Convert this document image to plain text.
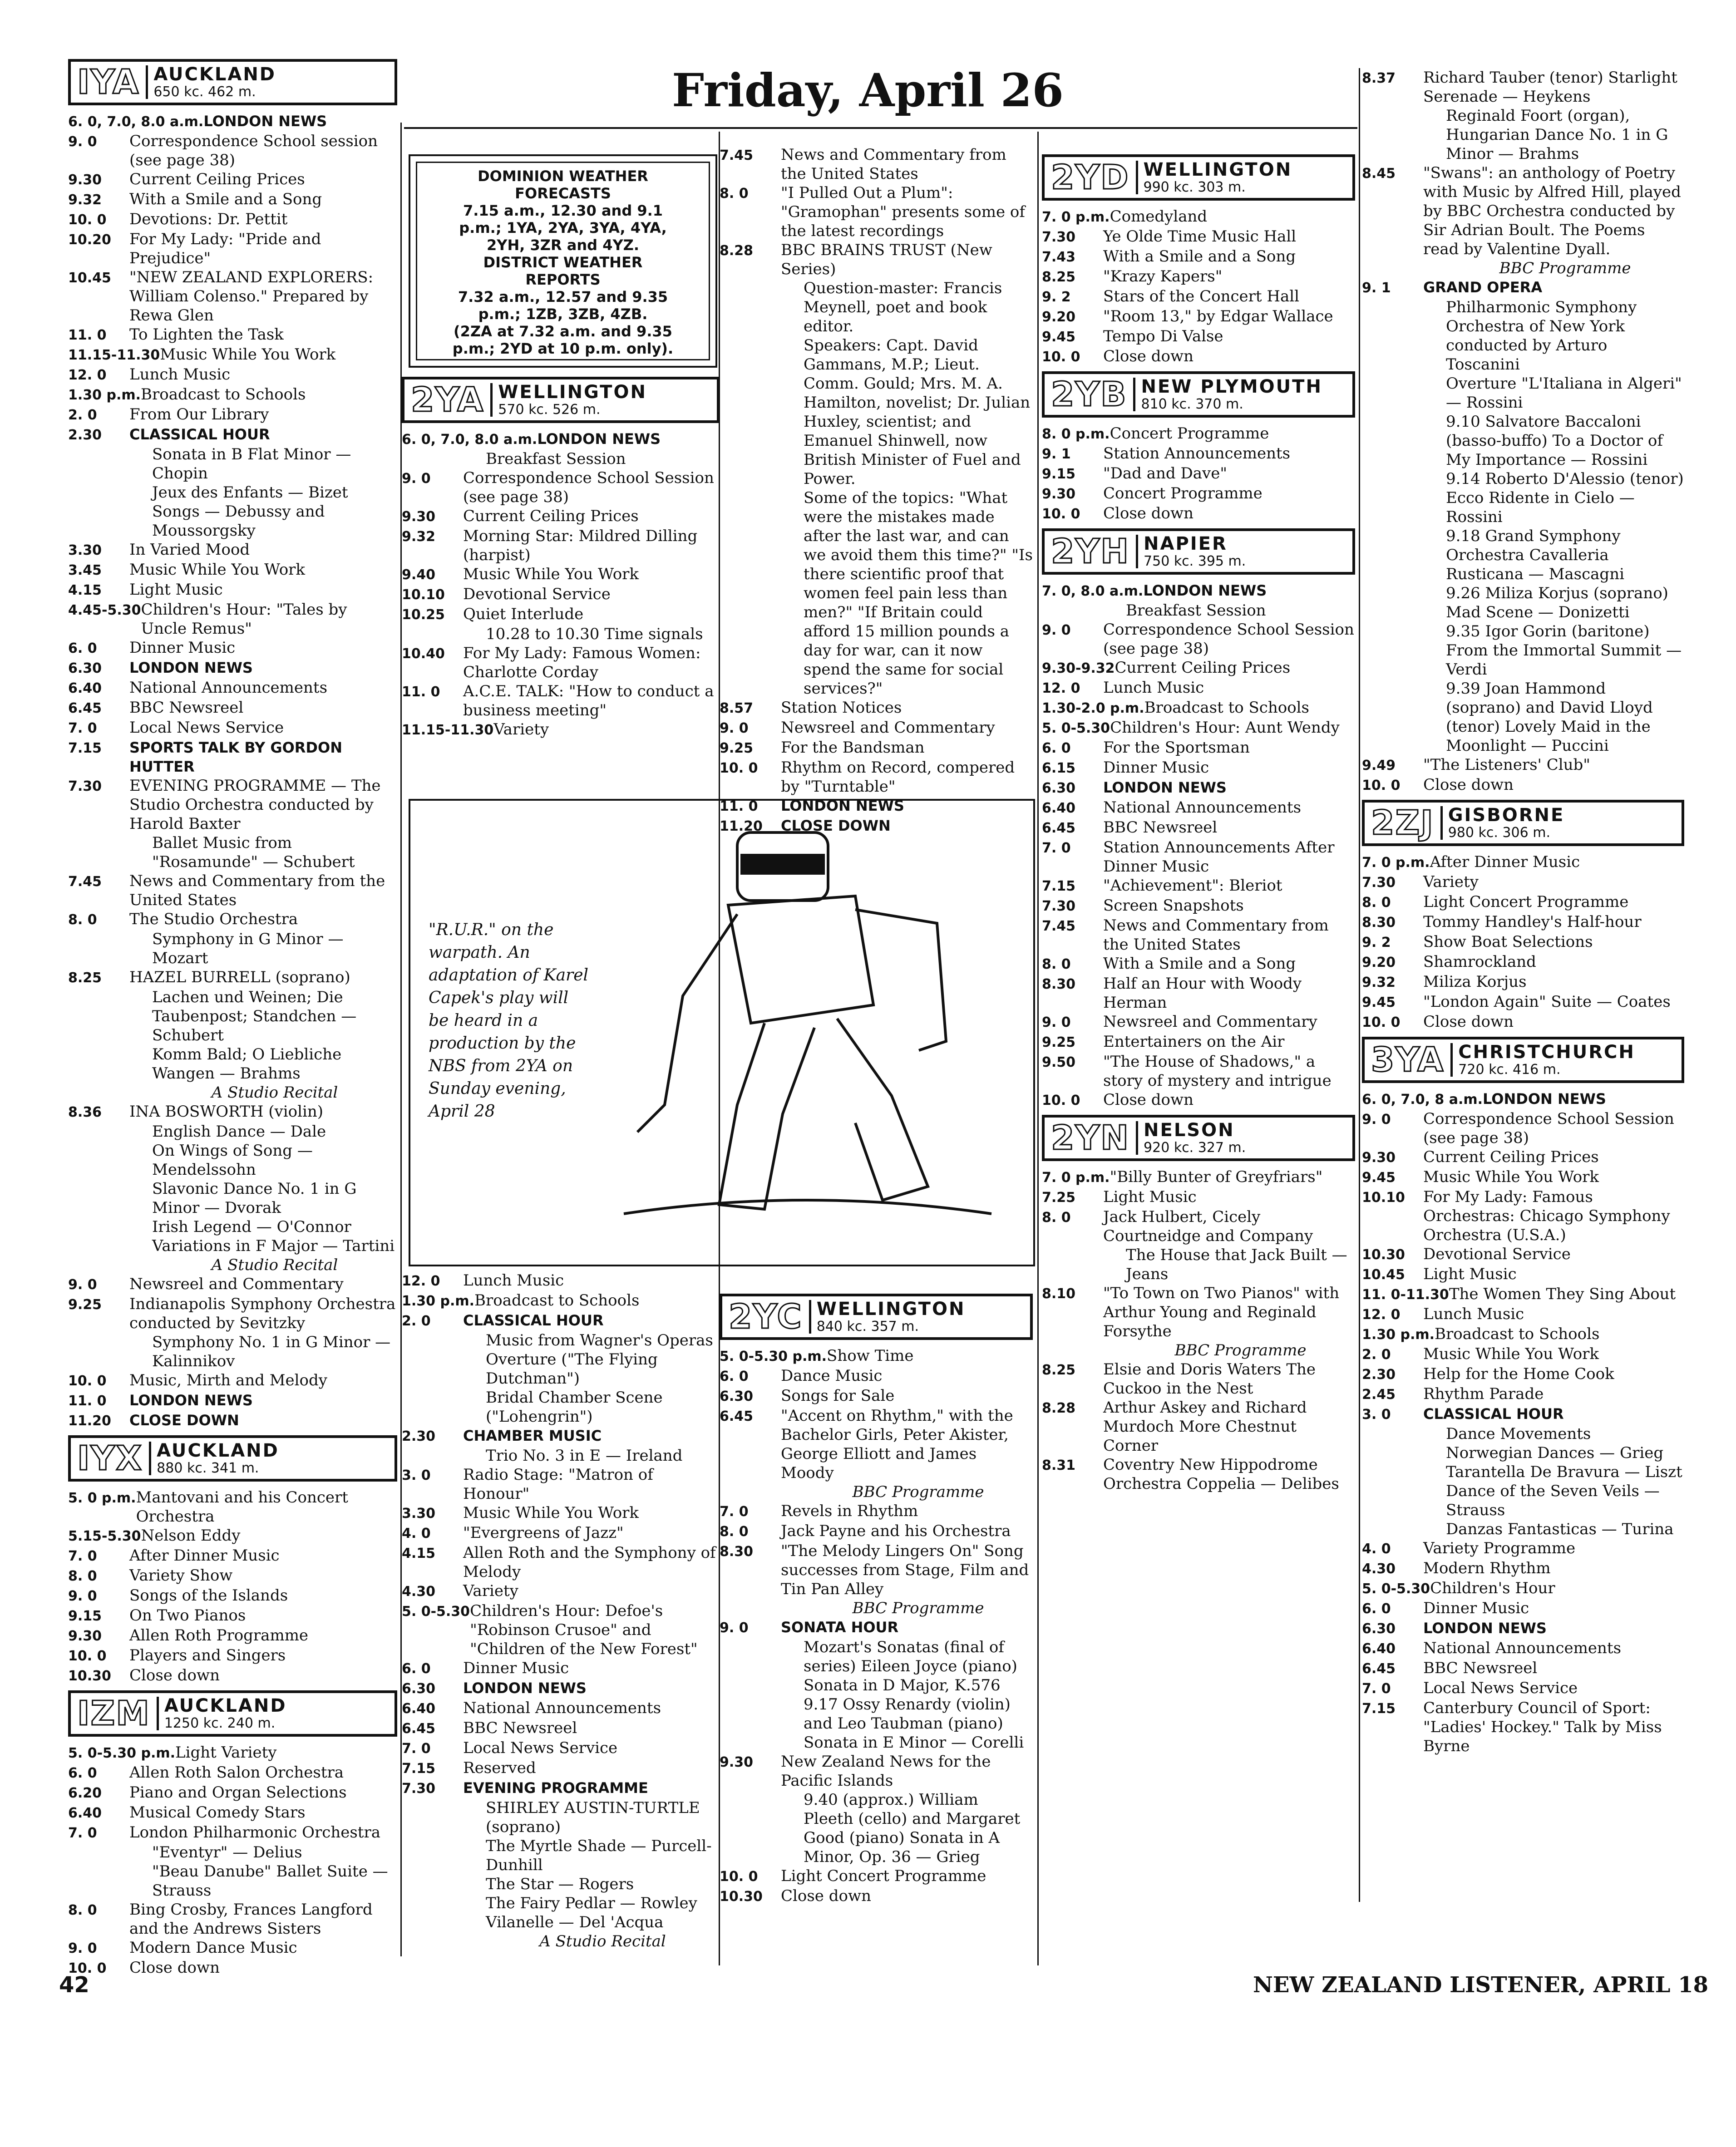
Friday, April 26
IYA AUCKLAND
650 kc. 462 m.
6. 0, 7.0, 8.0 a.m. LONDON NEWS
9. 0	Correspondence School session (see page 38)
9.30	Current Ceiling Prices
9.32	With a Smile and a Song
10. 0	Devotions: Dr. Pettit
10.20	For My Lady: "Pride and Prejudice"
10.45	"NEW ZEALAND EXPLORERS: William Colenso." Prepared by Rewa Glen
11. 0	To Lighten the Task
11.15-11.30 Music While You Work
12. 0	Lunch Music
1.30 p.m. Broadcast to Schools
2. 0	From Our Library
2.30	CLASSICAL HOUR
Sonata in B Flat Minor — Chopin
Jeux des Enfants — Bizet
Songs — Debussy and Moussorgsky
3.30	In Varied Mood
3.45	Music While You Work
4.15	Light Music
4.45-5.30 Children's Hour: "Tales by Uncle Remus"
6. 0	Dinner Music
6.30	LONDON NEWS
6.40	National Announcements
6.45	BBC Newsreel
7. 0	Local News Service
7.15	SPORTS TALK BY GORDON HUTTER
7.30	EVENING PROGRAMME — The Studio Orchestra conducted by Harold Baxter
Ballet Music from "Rosamunde" — Schubert
7.45	News and Commentary from the United States
8. 0	The Studio Orchestra
Symphony in G Minor — Mozart
8.25	HAZEL BURRELL (soprano)
Lachen und Weinen; Die Taubenpost; Standchen — Schubert
Komm Bald; O Liebliche Wangen — Brahms
A Studio Recital
8.36	INA BOSWORTH (violin)
English Dance — Dale
On Wings of Song — Mendelssohn
Slavonic Dance No. 1 in G Minor — Dvorak
Irish Legend — O'Connor
Variations in F Major — Tartini
A Studio Recital
9. 0	Newsreel and Commentary
9.25	Indianapolis Symphony Orchestra conducted by Sevitzky
Symphony No. 1 in G Minor — Kalinnikov
10. 0	Music, Mirth and Melody
11. 0	LONDON NEWS
11.20	CLOSE DOWN
IYX AUCKLAND
880 kc. 341 m.
5. 0 p.m. Mantovani and his Concert Orchestra
5.15-5.30 Nelson Eddy
7. 0	After Dinner Music
8. 0	Variety Show
9. 0	Songs of the Islands
9.15	On Two Pianos
9.30	Allen Roth Programme
10. 0	Players and Singers
10.30	Close down
IZM AUCKLAND
1250 kc. 240 m.
5. 0-5.30 p.m. Light Variety
6. 0	Allen Roth Salon Orchestra
6.20	Piano and Organ Selections
6.40	Musical Comedy Stars
7. 0	London Philharmonic Orchestra
"Eventyr" — Delius
"Beau Danube" Ballet Suite — Strauss
8. 0	Bing Crosby, Frances Langford and the Andrews Sisters
9. 0	Modern Dance Music
10. 0	Close down
DOMINION WEATHER
FORECASTS
7.15 a.m., 12.30 and 9.1
p.m.; 1YA, 2YA, 3YA, 4YA,
2YH, 3ZR and 4YZ.
DISTRICT WEATHER
REPORTS
7.32 a.m., 12.57 and 9.35
p.m.; 1ZB, 3ZB, 4ZB.
(2ZA at 7.32 a.m. and 9.35
p.m.; 2YD at 10 p.m. only).
2YA WELLINGTON
570 kc. 526 m.
6. 0, 7.0, 8.0 a.m. LONDON NEWS
Breakfast Session
9. 0	Correspondence School Session (see page 38)
9.30	Current Ceiling Prices
9.32	Morning Star: Mildred Dilling (harpist)
9.40	Music While You Work
10.10	Devotional Service
10.25	Quiet Interlude
10.28 to 10.30 Time signals
10.40	For My Lady: Famous Women: Charlotte Corday
11. 0	A.C.E. TALK: "How to conduct a business meeting"
11.15-11.30 Variety
7.45	News and Commentary from the United States
8. 0	"I Pulled Out a Plum": "Gramophan" presents some of the latest recordings
8.28	BBC BRAINS TRUST (New Series)
Question-master: Francis Meynell, poet and book editor.
Speakers: Capt. David Gammans, M.P.; Lieut. Comm. Gould; Mrs. M. A. Hamilton, novelist; Dr. Julian Huxley, scientist; and Emanuel Shinwell, now British Minister of Fuel and Power.
Some of the topics: "What were the mistakes made after the last war, and can we avoid them this time?" "Is there scientific proof that women feel pain less than men?" "If Britain could afford 15 million pounds a day for war, can it now spend the same for social services?"
8.57	Station Notices
9. 0	Newsreel and Commentary
9.25	For the Bandsman
10. 0	Rhythm on Record, compered by "Turntable"
11. 0	LONDON NEWS
11.20	CLOSE DOWN
"R.U.R." on the warpath. An adaptation of Karel Capek's play will be heard in a production by the NBS from 2YA on Sunday evening, April 28
12. 0	Lunch Music
1.30 p.m. Broadcast to Schools
2. 0	CLASSICAL HOUR
Music from Wagner's Operas
Overture ("The Flying Dutchman")
Bridal Chamber Scene ("Lohengrin")
2.30	CHAMBER MUSIC
Trio No. 3 in E — Ireland
3. 0	Radio Stage: "Matron of Honour"
3.30	Music While You Work
4. 0	"Evergreens of Jazz"
4.15	Allen Roth and the Symphony of Melody
4.30	Variety
5. 0-5.30 Children's Hour: Defoe's "Robinson Crusoe" and "Children of the New Forest"
6. 0	Dinner Music
6.30	LONDON NEWS
6.40	National Announcements
6.45	BBC Newsreel
7. 0	Local News Service
7.15	Reserved
7.30	EVENING PROGRAMME
SHIRLEY AUSTIN-TURTLE (soprano)
The Myrtle Shade — Purcell-Dunhill
The Star — Rogers
The Fairy Pedlar — Rowley
Vilanelle — Del 'Acqua
A Studio Recital
2YC WELLINGTON
840 kc. 357 m.
5. 0-5.30 p.m. Show Time
6. 0	Dance Music
6.30	Songs for Sale
6.45	"Accent on Rhythm," with the Bachelor Girls, Peter Akister, George Elliott and James Moody
BBC Programme
7. 0	Revels in Rhythm
8. 0	Jack Payne and his Orchestra
8.30	"The Melody Lingers On" Song successes from Stage, Film and Tin Pan Alley
BBC Programme
9. 0	SONATA HOUR
Mozart's Sonatas (final of series) Eileen Joyce (piano) Sonata in D Major, K.576
9.17 Ossy Renardy (violin) and Leo Taubman (piano) Sonata in E Minor — Corelli
9.30	New Zealand News for the Pacific Islands
9.40 (approx.) William Pleeth (cello) and Margaret Good (piano) Sonata in A Minor, Op. 36 — Grieg
10. 0	Light Concert Programme
10.30	Close down
2YD WELLINGTON
990 kc. 303 m.
7. 0 p.m. Comedyland
7.30	Ye Olde Time Music Hall
7.43	With a Smile and a Song
8.25	"Krazy Kapers"
9. 2	Stars of the Concert Hall
9.20	"Room 13," by Edgar Wallace
9.45	Tempo Di Valse
10. 0	Close down
2YB NEW PLYMOUTH
810 kc. 370 m.
8. 0 p.m. Concert Programme
9. 1	Station Announcements
9.15	"Dad and Dave"
9.30	Concert Programme
10. 0	Close down
2YH NAPIER
750 kc. 395 m.
7. 0, 8.0 a.m. LONDON NEWS
Breakfast Session
9. 0	Correspondence School Session (see page 38)
9.30-9.32 Current Ceiling Prices
12. 0	Lunch Music
1.30-2.0 p.m. Broadcast to Schools
5. 0-5.30 Children's Hour: Aunt Wendy
6. 0	For the Sportsman
6.15	Dinner Music
6.30	LONDON NEWS
6.40	National Announcements
6.45	BBC Newsreel
7. 0	Station Announcements After Dinner Music
7.15	"Achievement": Bleriot
7.30	Screen Snapshots
7.45	News and Commentary from the United States
8. 0	With a Smile and a Song
8.30	Half an Hour with Woody Herman
9. 0	Newsreel and Commentary
9.25	Entertainers on the Air
9.50	"The House of Shadows," a story of mystery and intrigue
10. 0	Close down
2YN NELSON
920 kc. 327 m.
7. 0 p.m. "Billy Bunter of Greyfriars"
7.25	Light Music
8. 0	Jack Hulbert, Cicely Courtneidge and Company
The House that Jack Built — Jeans
8.10	"To Town on Two Pianos" with Arthur Young and Reginald Forsythe
BBC Programme
8.25	Elsie and Doris Waters The Cuckoo in the Nest
8.28	Arthur Askey and Richard Murdoch More Chestnut Corner
8.31	Coventry New Hippodrome Orchestra Coppelia — Delibes
8.37	Richard Tauber (tenor) Starlight Serenade — Heykens
Reginald Foort (organ), Hungarian Dance No. 1 in G Minor — Brahms
8.45	"Swans": an anthology of Poetry with Music by Alfred Hill, played by BBC Orchestra conducted by Sir Adrian Boult. The Poems read by Valentine Dyall.
BBC Programme
9. 1	GRAND OPERA
Philharmonic Symphony Orchestra of New York conducted by Arturo Toscanini
Overture "L'Italiana in Algeri" — Rossini
9.10 Salvatore Baccaloni (basso-buffo) To a Doctor of My Importance — Rossini
9.14 Roberto D'Alessio (tenor) Ecco Ridente in Cielo — Rossini
9.18 Grand Symphony Orchestra Cavalleria Rusticana — Mascagni
9.26 Miliza Korjus (soprano) Mad Scene — Donizetti
9.35 Igor Gorin (baritone) From the Immortal Summit — Verdi
9.39 Joan Hammond (soprano) and David Lloyd (tenor) Lovely Maid in the Moonlight — Puccini
9.49	"The Listeners' Club"
10. 0	Close down
2ZJ GISBORNE
980 kc. 306 m.
7. 0 p.m. After Dinner Music
7.30	Variety
8. 0	Light Concert Programme
8.30	Tommy Handley's Half-hour
9. 2	Show Boat Selections
9.20	Shamrockland
9.32	Miliza Korjus
9.45	"London Again" Suite — Coates
10. 0	Close down
3YA CHRISTCHURCH
720 kc. 416 m.
6. 0, 7.0, 8 a.m. LONDON NEWS
9. 0	Correspondence School Session (see page 38)
9.30	Current Ceiling Prices
9.45	Music While You Work
10.10	For My Lady: Famous Orchestras: Chicago Symphony Orchestra (U.S.A.)
10.30	Devotional Service
10.45	Light Music
11. 0-11.30 The Women They Sing About
12. 0	Lunch Music
1.30 p.m. Broadcast to Schools
2. 0	Music While You Work
2.30	Help for the Home Cook
2.45	Rhythm Parade
3. 0	CLASSICAL HOUR
Dance Movements
Norwegian Dances — Grieg
Tarantella De Bravura — Liszt
Dance of the Seven Veils — Strauss
Danzas Fantasticas — Turina
4. 0	Variety Programme
4.30	Modern Rhythm
5. 0-5.30 Children's Hour
6. 0	Dinner Music
6.30	LONDON NEWS
6.40	National Announcements
6.45	BBC Newsreel
7. 0	Local News Service
7.15	Canterbury Council of Sport: "Ladies' Hockey." Talk by Miss Byrne
42	NEW ZEALAND LISTENER, APRIL 18
